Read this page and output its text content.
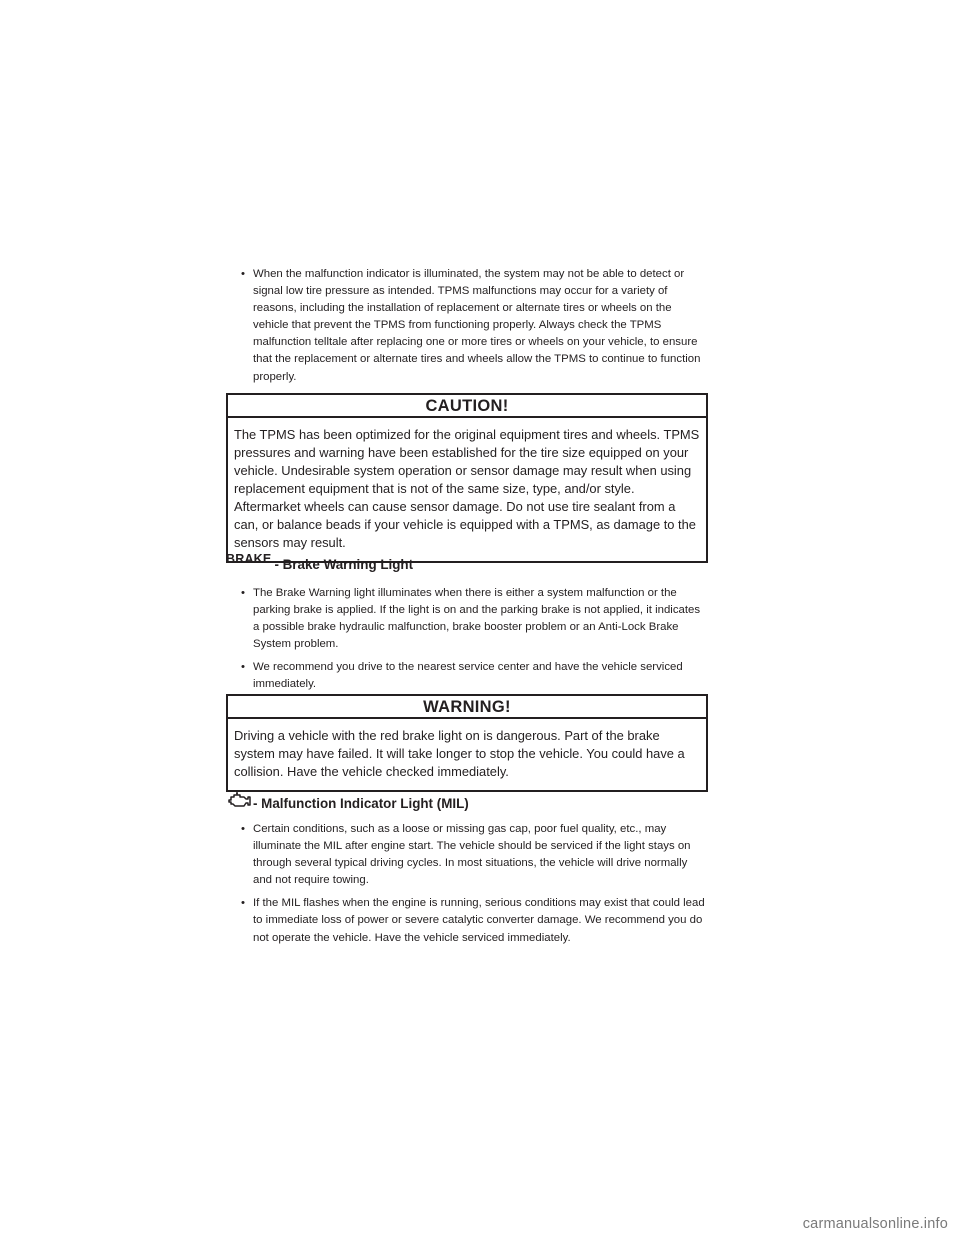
• When the malfunction indicator is illuminated, the system may not be able to detect or signal low tire pressure as intended. TPMS malfunctions may occur for a variety of reasons, including the installation of replacement or alternate tires or wheels on the vehicle that prevent the TPMS from functioning properly. Always check the TPMS malfunction telltale after replacing one or more tires or wheels on your vehicle, to ensure that the replacement or alternate tires and wheels allow the TPMS to continue to function properly.
CAUTION!
The TPMS has been optimized for the original equipment tires and wheels. TPMS pressures and warning have been established for the tire size equipped on your vehicle. Undesirable system operation or sensor damage may result when using replacement equipment that is not of the same size, type, and/or style. Aftermarket wheels can cause sensor damage. Do not use tire sealant from a can, or balance beads if your vehicle is equipped with a TPMS, as damage to the sensors may result.
BRAKE - Brake Warning Light
• The Brake Warning light illuminates when there is either a system malfunction or the parking brake is applied. If the light is on and the parking brake is not applied, it indicates a possible brake hydraulic malfunction, brake booster problem or an Anti-Lock Brake System problem.
• We recommend you drive to the nearest service center and have the vehicle serviced immediately.
WARNING!
Driving a vehicle with the red brake light on is dangerous. Part of the brake system may have failed. It will take longer to stop the vehicle. You could have a collision. Have the vehicle checked immediately.
- Malfunction Indicator Light (MIL)
• Certain conditions, such as a loose or missing gas cap, poor fuel quality, etc., may illuminate the MIL after engine start. The vehicle should be serviced if the light stays on through several typical driving cycles. In most situations, the vehicle will drive normally and not require towing.
• If the MIL flashes when the engine is running, serious conditions may exist that could lead to immediate loss of power or severe catalytic converter damage. We recommend you do not operate the vehicle. Have the vehicle serviced immediately.
carmanualsonline.info
